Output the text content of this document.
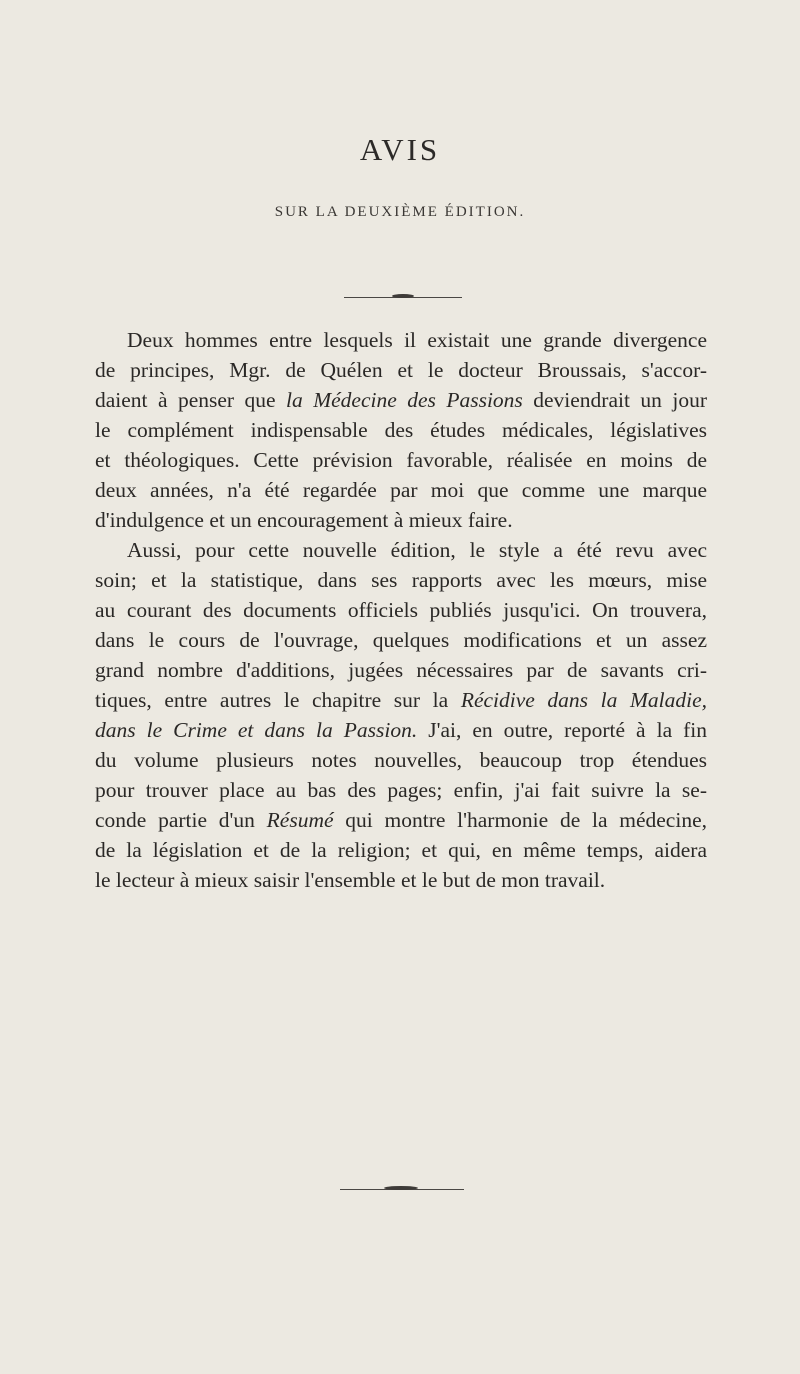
AVIS
SUR LA DEUXIÈME ÉDITION.
Deux hommes entre lesquels il existait une grande divergence
de principes, Mgr. de Quélen et le docteur Broussais, s'accor-
daient à penser que la Médecine des Passions deviendrait un jour
le complément indispensable des études médicales, législatives
et théologiques. Cette prévision favorable, réalisée en moins de
deux années, n'a été regardée par moi que comme une marque
d'indulgence et un encouragement à mieux faire.
Aussi, pour cette nouvelle édition, le style a été revu avec
soin; et la statistique, dans ses rapports avec les mœurs, mise
au courant des documents officiels publiés jusqu'ici. On trouvera,
dans le cours de l'ouvrage, quelques modifications et un assez
grand nombre d'additions, jugées nécessaires par de savants cri-
tiques, entre autres le chapitre sur la Récidive dans la Maladie,
dans le Crime et dans la Passion. J'ai, en outre, reporté à la fin
du volume plusieurs notes nouvelles, beaucoup trop étendues
pour trouver place au bas des pages; enfin, j'ai fait suivre la se-
conde partie d'un Résumé qui montre l'harmonie de la médecine,
de la législation et de la religion; et qui, en même temps, aidera
le lecteur à mieux saisir l'ensemble et le but de mon travail.
